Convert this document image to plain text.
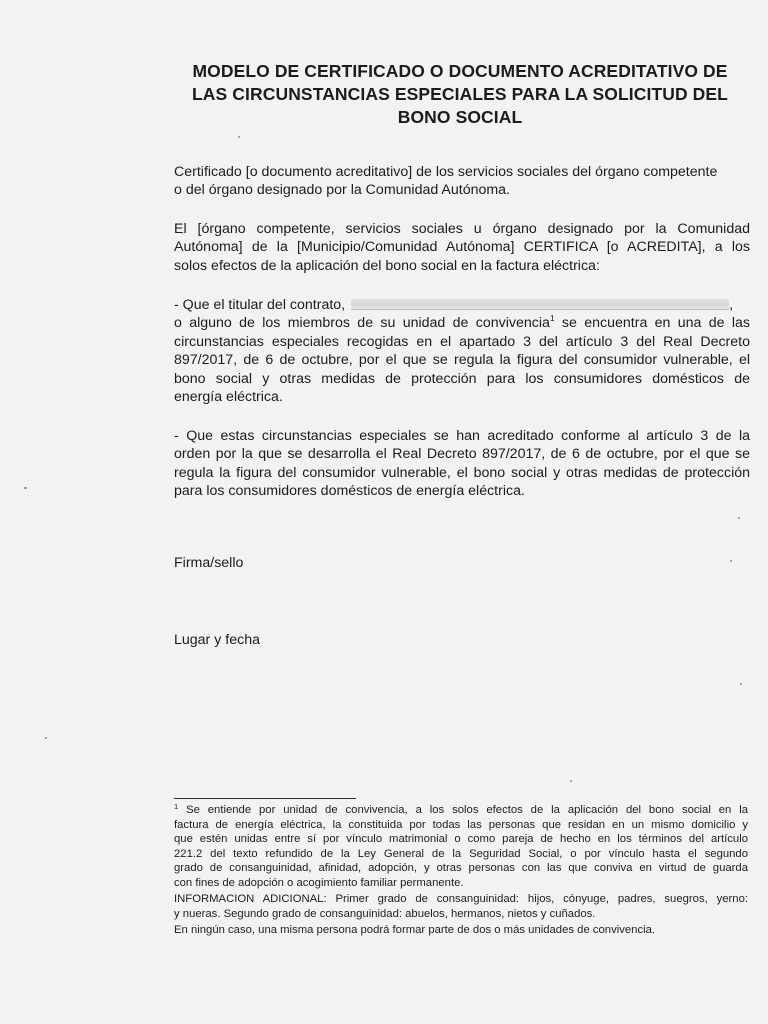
MODELO DE CERTIFICADO O DOCUMENTO ACREDITATIVO DE
LAS CIRCUNSTANCIAS ESPECIALES PARA LA SOLICITUD DEL
BONO SOCIAL
Certificado [o documento acreditativo] de los servicios sociales del órgano competente
o del órgano designado por la Comunidad Autónoma.
El [órgano competente, servicios sociales u órgano designado por la Comunidad
Autónoma] de la [Municipio/Comunidad Autónoma] CERTIFICA [o ACREDITA], a los
solos efectos de la aplicación del bono social en la factura eléctrica:
- Que el titular del contrato,	,
o alguno de los miembros de su unidad de convivencia$^1$ se encuentra en una de las
circunstancias especiales recogidas en el apartado 3 del artículo 3 del Real Decreto
897/2017, de 6 de octubre, por el que se regula la figura del consumidor vulnerable, el
bono social y otras medidas de protección para los consumidores domésticos de
energía eléctrica.
- Que estas circunstancias especiales se han acreditado conforme al artículo 3 de la
orden por la que se desarrolla el Real Decreto 897/2017, de 6 de octubre, por el que se
regula la figura del consumidor vulnerable, el bono social y otras medidas de protección
para los consumidores domésticos de energía eléctrica.
Firma/sello
Lugar y fecha
$^1$ Se entiende por unidad de convivencia, a los solos efectos de la aplicación del bono social en la
factura de energía eléctrica, la constituida por todas las personas que residan en un mismo domicilio y
que estén unidas entre sí por vínculo matrimonial o como pareja de hecho en los términos del artículo
221.2 del texto refundido de la Ley General de la Seguridad Social, o por vínculo hasta el segundo
grado de consanguinidad, afinidad, adopción, y otras personas con las que conviva en virtud de guarda
con fines de adopción o acogimiento familiar permanente.
INFORMACION ADICIONAL: Primer grado de consanguinidad: hijos, cónyuge, padres, suegros, yerno:
y nueras. Segundo grado de consanguinidad: abuelos, hermanos, nietos y cuñados.
En ningún caso, una misma persona podrá formar parte de dos o más unidades de convivencia.
